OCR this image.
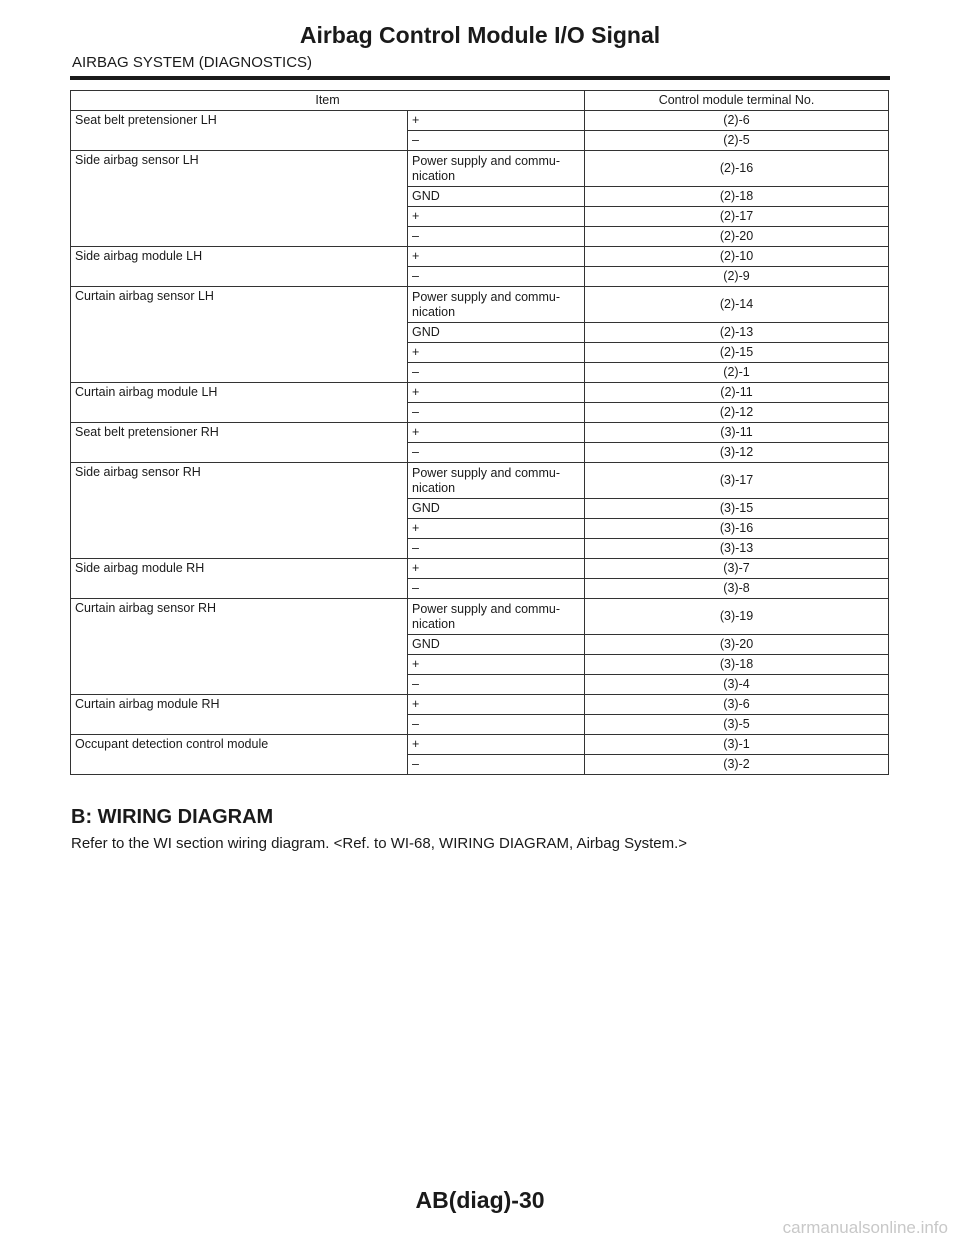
Airbag Control Module I/O Signal

AIRBAG SYSTEM (DIAGNOSTICS)

Item		Control module terminal No.
Seat belt pretensioner LH	+	(2)-6
	–	(2)-5
Side airbag sensor LH	Power supply and commu-
nication	(2)-16
	GND	(2)-18
	+	(2)-17
	–	(2)-20
Side airbag module LH	+	(2)-10
	–	(2)-9
Curtain airbag sensor LH	Power supply and commu-
nication	(2)-14
	GND	(2)-13
	+	(2)-15
	–	(2)-1
Curtain airbag module LH	+	(2)-11
	–	(2)-12
Seat belt pretensioner RH	+	(3)-11
	–	(3)-12
Side airbag sensor RH	Power supply and commu-
nication	(3)-17
	GND	(3)-15
	+	(3)-16
	–	(3)-13
Side airbag module RH	+	(3)-7
	–	(3)-8
Curtain airbag sensor RH	Power supply and commu-
nication	(3)-19
	GND	(3)-20
	+	(3)-18
	–	(3)-4
Curtain airbag module RH	+	(3)-6
	–	(3)-5
Occupant detection control module	+	(3)-1
	–	(3)-2
B: WIRING DIAGRAM

Refer to the WI section wiring diagram. <Ref. to WI-68, WIRING DIAGRAM, Airbag System.>

AB(diag)-30
carmanualsonline.info
